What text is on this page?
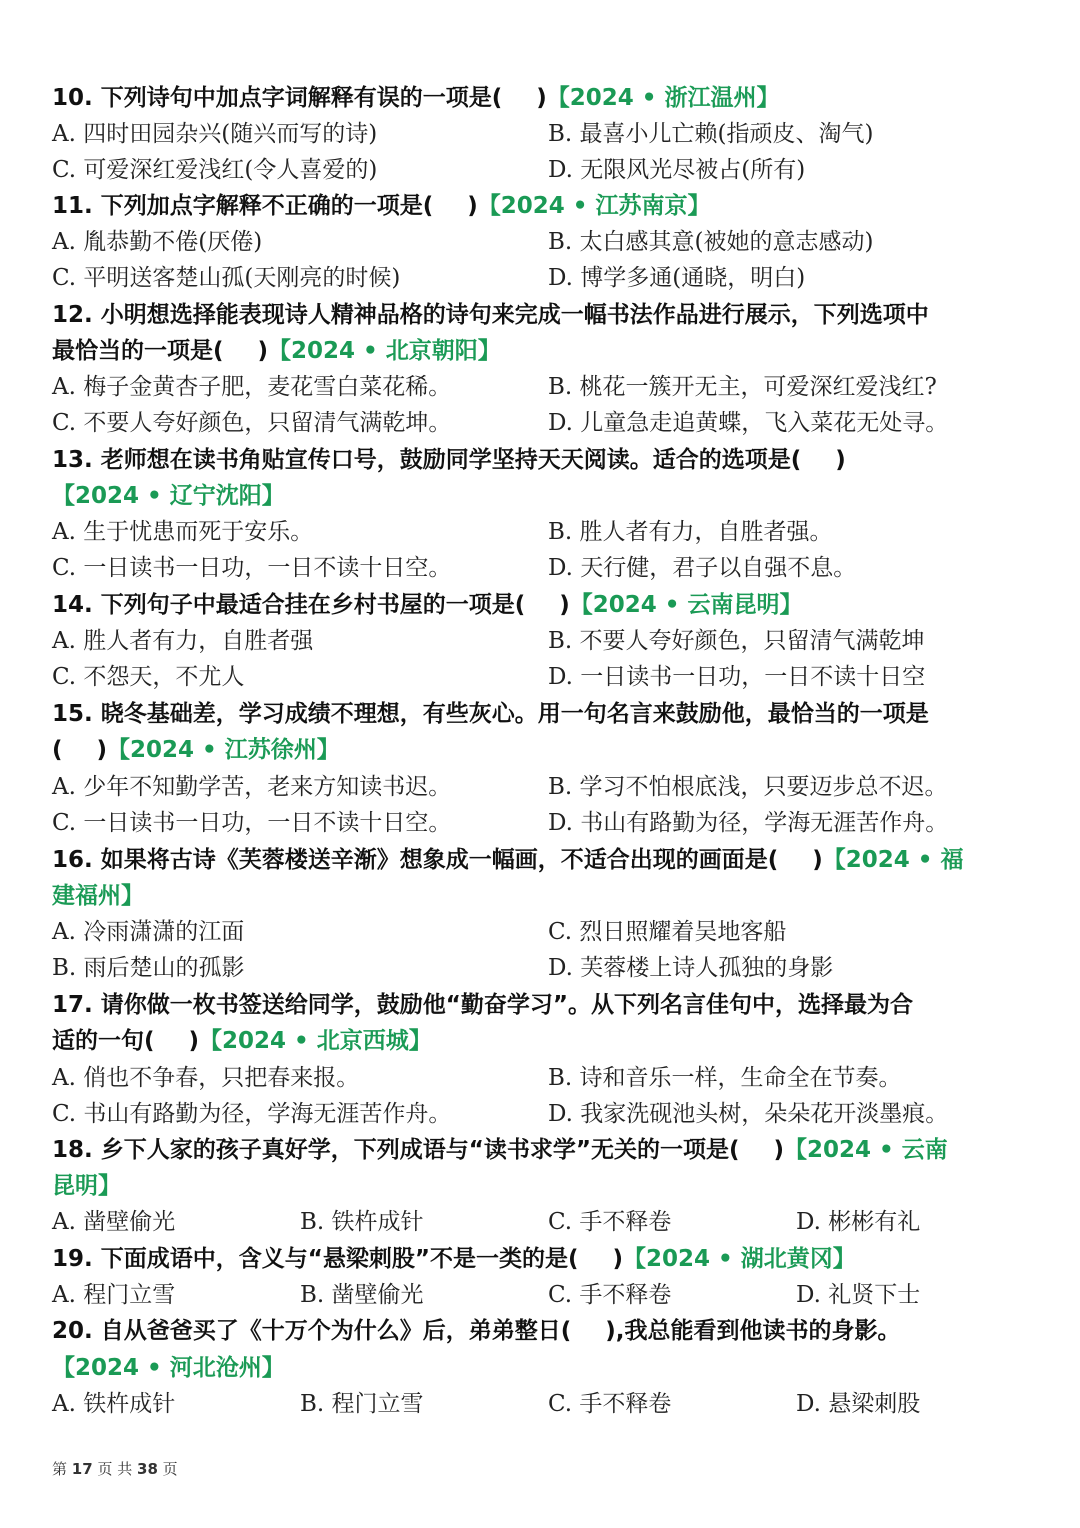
10. 下列诗句中加点字词解释有误的一项是( )【2024 • 浙江温州】
A. 四时田园杂兴(随兴而写的诗)	B. 最喜小儿亡赖(指顽皮、淘气)
C. 可爱深红爱浅红(令人喜爱的)	D. 无限风光尽被占(所有)
11. 下列加点字解释不正确的一项是( )【2024 • 江苏南京】
A. 胤恭勤不倦(厌倦)	B. 太白感其意(被她的意志感动)
C. 平明送客楚山孤(天刚亮的时候)	D. 博学多通(通晓，明白)
12. 小明想选择能表现诗人精神品格的诗句来完成一幅书法作品进行展示，下列选项中
最恰当的一项是( )【2024 • 北京朝阳】
A. 梅子金黄杏子肥，麦花雪白菜花稀。	B. 桃花一簇开无主，可爱深红爱浅红?
C. 不要人夸好颜色，只留清气满乾坤。	D. 儿童急走追黄蝶，飞入菜花无处寻。
13. 老师想在读书角贴宣传口号，鼓励同学坚持天天阅读。适合的选项是( )
【2024 • 辽宁沈阳】
A. 生于忧患而死于安乐。	B. 胜人者有力，自胜者强。
C. 一日读书一日功，一日不读十日空。	D. 天行健，君子以自强不息。
14. 下列句子中最适合挂在乡村书屋的一项是( )【2024 • 云南昆明】
A. 胜人者有力，自胜者强	B. 不要人夸好颜色，只留清气满乾坤
C. 不怨天，不尤人	D. 一日读书一日功，一日不读十日空
15. 晓冬基础差，学习成绩不理想，有些灰心。用一句名言来鼓励他，最恰当的一项是
( )【2024 • 江苏徐州】
A. 少年不知勤学苦，老来方知读书迟。	B. 学习不怕根底浅，只要迈步总不迟。
C. 一日读书一日功，一日不读十日空。	D. 书山有路勤为径，学海无涯苦作舟。
16. 如果将古诗《芙蓉楼送辛渐》想象成一幅画，不适合出现的画面是( )【2024 • 福
建福州】
A. 冷雨潇潇的江面	C. 烈日照耀着吴地客船
B. 雨后楚山的孤影	D. 芙蓉楼上诗人孤独的身影
17. 请你做一枚书签送给同学，鼓励他“勤奋学习”。从下列名言佳句中，选择最为合
适的一句( )【2024 • 北京西城】
A. 俏也不争春，只把春来报。	B. 诗和音乐一样，生命全在节奏。
C. 书山有路勤为径，学海无涯苦作舟。	D. 我家洗砚池头树，朵朵花开淡墨痕。
18. 乡下人家的孩子真好学，下列成语与“读书求学”无关的一项是( )【2024 • 云南
昆明】
A. 凿壁偷光	B. 铁杵成针	C. 手不释卷	D. 彬彬有礼
19. 下面成语中，含义与“悬梁刺股”不是一类的是( )【2024 • 湖北黄冈】
A. 程门立雪	B. 凿壁偷光	C. 手不释卷	D. 礼贤下士
20. 自从爸爸买了《十万个为什么》后，弟弟整日( ),我总能看到他读书的身影。
【2024 • 河北沧州】
A. 铁杵成针	B. 程门立雪	C. 手不释卷	D. 悬梁刺股
第 17 页 共 38 页
